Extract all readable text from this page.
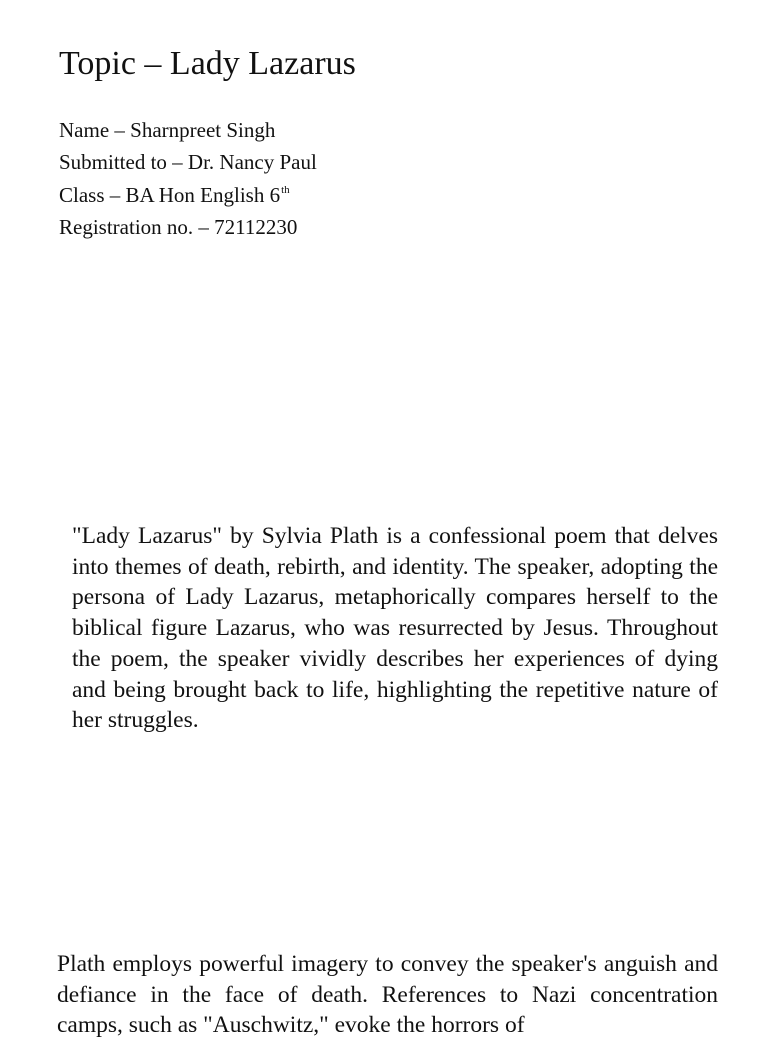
Topic – Lady Lazarus
Name – Sharnpreet Singh
Submitted to – Dr. Nancy Paul
Class – BA Hon English 6th
Registration no. – 72112230

"Lady Lazarus" by Sylvia Plath is a confessional poem that delves into themes of death, rebirth, and identity. The speaker, adopting the persona of Lady Lazarus, metaphorically compares herself to the biblical figure Lazarus, who was resurrected by Jesus. Throughout the poem, the speaker vividly describes her experiences of dying and being brought back to life, highlighting the repetitive nature of her struggles.

Plath employs powerful imagery to convey the speaker's anguish and defiance in the face of death. References to Nazi concentration camps, such as "Auschwitz," evoke the horrors of
